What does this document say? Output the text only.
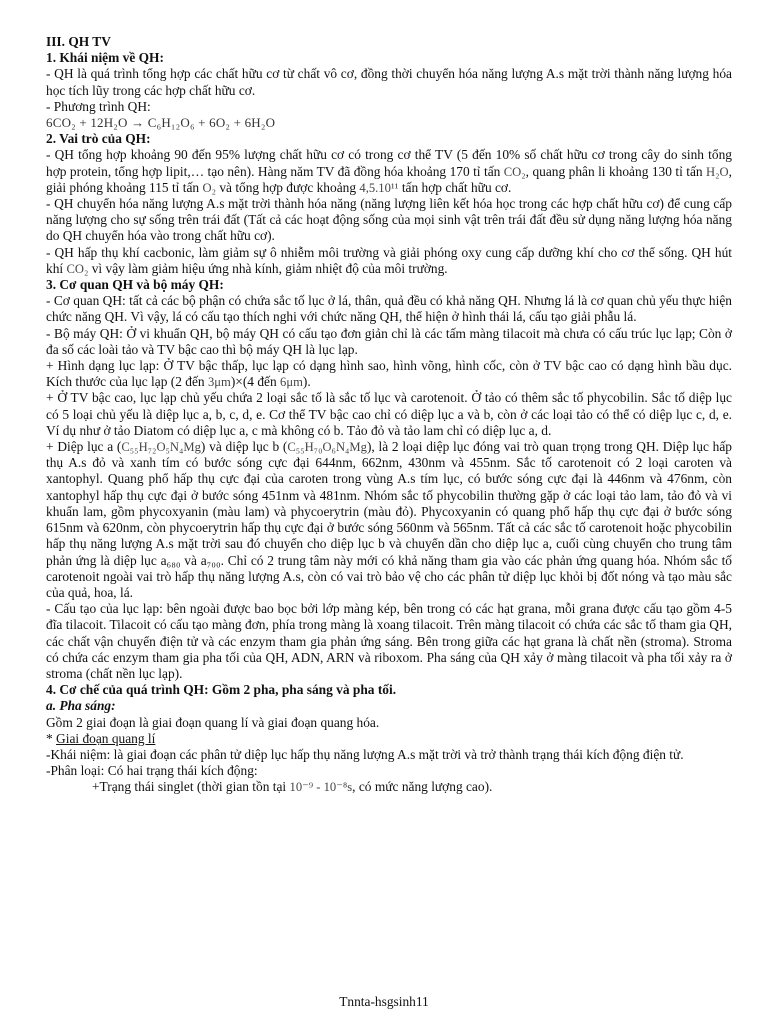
III. QH TV

1. Khái niệm về QH:

- QH là quá trình tổng hợp các chất hữu cơ từ chất vô cơ, đồng thời chuyển hóa năng lượng A.s mặt trời thành năng lượng hóa học tích lũy trong các hợp chất hữu cơ.

- Phương trình QH:

6CO₂ + 12H₂O → C₆H₁₂O₆ + 6O₂ + 6H₂O

2. Vai trò của QH:

- QH tổng hợp khoảng 90 đến 95% lượng chất hữu cơ có trong cơ thể TV (5 đến 10% số chất hữu cơ trong cây do sinh tổng hợp protein, tổng hợp lipit,… tạo nên). Hàng năm TV đã đồng hóa khoảng 170 tỉ tấn CO₂, quang phân li khoảng 130 tỉ tấn H₂O, giải phóng khoảng 115 tỉ tấn O₂ và tổng hợp được khoảng 4,5.10¹¹ tấn hợp chất hữu cơ.

- QH chuyển hóa năng lượng A.s mặt trời thành hóa năng (năng lượng liên kết hóa học trong các hợp chất hữu cơ) để cung cấp năng lượng cho sự sống trên trái đất (Tất cả các hoạt động sống của mọi sinh vật trên trái đất đều sử dụng năng lượng hóa năng do QH chuyển hóa vào trong chất hữu cơ).

- QH hấp thụ khí cacbonic, làm giảm sự ô nhiễm môi trường và giải phóng oxy cung cấp dưỡng khí cho cơ thể sống. QH hút khí CO₂ vì vậy làm giảm hiệu ứng nhà kính, giảm nhiệt độ của môi trường.

3. Cơ quan QH và bộ máy QH:

- Cơ quan QH: tất cả các bộ phận có chứa sắc tố lục ở lá, thân, quả đều có khả năng QH. Nhưng lá là cơ quan chủ yếu thực hiện chức năng QH. Vì vậy, lá có cấu tạo thích nghi với chức năng QH, thể hiện ở hình thái lá, cấu tạo giải phẫu lá.

- Bộ máy QH: Ở vi khuẩn QH, bộ máy QH có cấu tạo đơn giản chỉ là các tấm màng tilacoit mà chưa có cấu trúc lục lạp; Còn ở đa số các loài tảo và TV bậc cao thì bộ máy QH là lục lạp.

+ Hình dạng lục lạp: Ở TV bậc thấp, lục lạp có dạng hình sao, hình võng, hình cốc, còn ở TV bậc cao có dạng hình bầu dục. Kích thước của lục lạp (2 đến 3μm)×(4 đến 6μm).

+ Ở TV bậc cao, lục lạp chủ yếu chứa 2 loại sắc tố là sắc tố lục và carotenoit. Ở tảo có thêm sắc tố phycobilin. Sắc tố diệp lục có 5 loại chủ yếu là diệp lục a, b, c, d, e. Cơ thể TV bậc cao chỉ có diệp lục a và b, còn ở các loại tảo có thể có diệp lục c, d, e. Ví dụ như ở tảo Diatom có diệp lục a, c mà không có b. Tảo đỏ và tảo lam chỉ có diệp lục a, d.

+ Diệp lục a (C₅₅H₇₂O₅N₄Mg) và diệp lục b (C₅₅H₇₀O₆N₄Mg), là 2 loại diệp lục đóng vai trò quan trọng trong QH. Diệp lục hấp thụ A.s đỏ và xanh tím có bước sóng cực đại 644nm, 662nm, 430nm và 455nm. Sắc tố carotenoit có 2 loại caroten và xantophyl. Quang phổ hấp thụ cực đại của caroten trong vùng A.s tím lục, có bước sóng cực đại là 446nm và 476nm, còn xantophyl hấp thụ cực đại ở bước sóng 451nm và 481nm. Nhóm sắc tố phycobilin thường gặp ở các loại tảo lam, tảo đỏ và vi khuẩn lam, gồm phycoxyanin (màu lam) và phycoerytrin (màu đỏ). Phycoxyanin có quang phổ hấp thụ cực đại ở bước sóng 615nm và 620nm, còn phycoerytrin hấp thụ cực đại ở bước sóng 560nm và 565nm. Tất cả các sắc tố carotenoit hoặc phycobilin hấp thụ năng lượng A.s mặt trời sau đó chuyển cho diệp lục b và chuyển dần cho diệp lục a, cuối cùng chuyển cho trung tâm phản ứng là diệp lục a₆₈₀ và a₇₀₀. Chỉ có 2 trung tâm này mới có khả năng tham gia vào các phản ứng quang hóa. Nhóm sắc tố carotenoit ngoài vai trò hấp thụ năng lượng A.s, còn có vai trò bảo vệ cho các phân tử diệp lục khỏi bị đốt nóng và tạo màu sắc của quả, hoa, lá.

- Cấu tạo của lục lạp: bên ngoài được bao bọc bởi lớp màng kép, bên trong có các hạt grana, mỗi grana được cấu tạo gồm 4-5 đĩa tilacoit. Tilacoit có cấu tạo màng đơn, phía trong màng là xoang tilacoit. Trên màng tilacoit có chứa các sắc tố tham gia QH, các chất vận chuyển điện tử và các enzym tham gia phản ứng sáng. Bên trong giữa các hạt grana là chất nền (stroma). Stroma có chứa các enzym tham gia pha tối của QH, ADN, ARN và riboxom. Pha sáng của QH xảy ở màng tilacoit và pha tối xảy ra ở stroma (chất nền lục lạp).

4. Cơ chế của quá trình QH: Gồm 2 pha, pha sáng và pha tối.

a. Pha sáng:

Gồm 2 giai đoạn là giai đoạn quang lí và giai đoạn quang hóa.

* Giai đoạn quang lí

-Khái niệm: là giai đoạn các phân tử diệp lục hấp thụ năng lượng A.s mặt trời và trở thành trạng thái kích động điện tử.

-Phân loại: Có hai trạng thái kích động:

+Trạng thái singlet (thời gian tồn tại 10⁻⁹ - 10⁻⁸s, có mức năng lượng cao).

Tnnta-hsgsinh11
